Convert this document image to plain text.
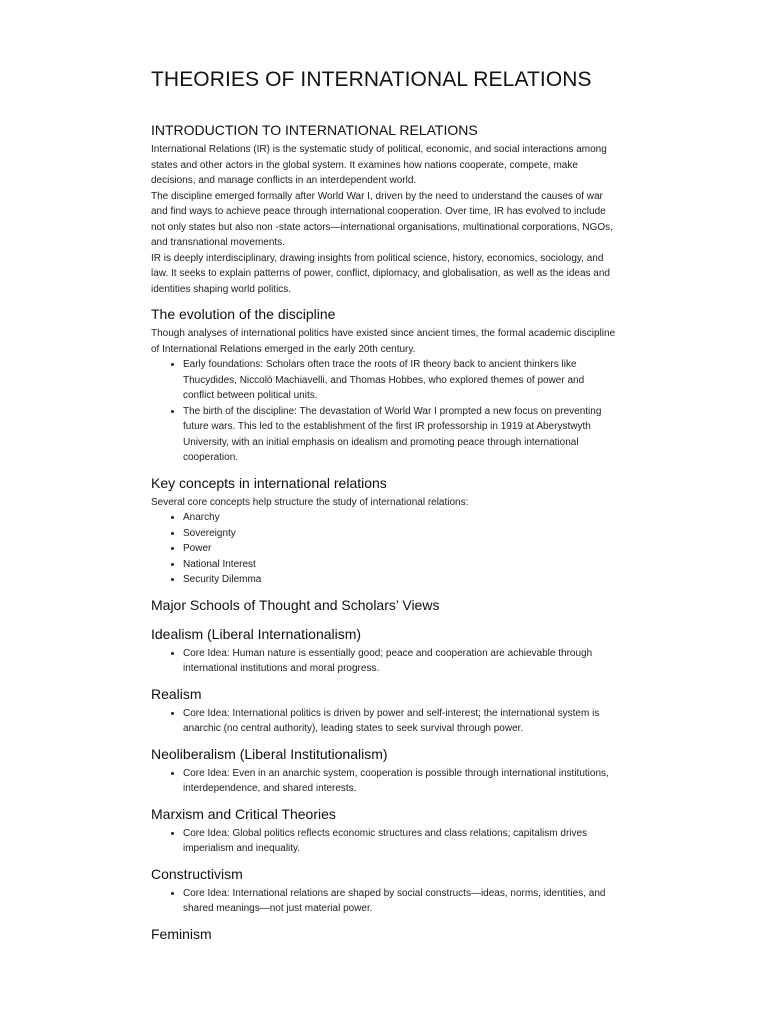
THEORIES OF INTERNATIONAL RELATIONS
INTRODUCTION TO INTERNATIONAL RELATIONS

International Relations (IR) is the systematic study of political, economic, and social interactions among states and other actors in the global system. It examines how nations cooperate, compete, make decisions, and manage conflicts in an interdependent world.

The discipline emerged formally after World War I, driven by the need to understand the causes of war and find ways to achieve peace through international cooperation. Over time, IR has evolved to include not only states but also non -state actors—international organisations, multinational corporations, NGOs, and transnational movements.

IR is deeply interdisciplinary, drawing insights from political science, history, economics, sociology, and law. It seeks to explain patterns of power, conflict, diplomacy, and globalisation, as well as the ideas and identities shaping world politics.

The evolution of the discipline

Though analyses of international politics have existed since ancient times, the formal academic discipline of International Relations emerged in the early 20th century.

• Early foundations: Scholars often trace the roots of IR theory back to ancient thinkers like Thucydides, Niccolò Machiavelli, and Thomas Hobbes, who explored themes of power and conflict between political units.
• The birth of the discipline: The devastation of World War I prompted a new focus on preventing future wars. This led to the establishment of the first IR professorship in 1919 at Aberystwyth University, with an initial emphasis on idealism and promoting peace through international cooperation.
Key concepts in international relations

Several core concepts help structure the study of international relations:

• Anarchy
• Sovereignty
• Power
• National Interest
• Security Dilemma
Major Schools of Thought and Scholars’ Views
Idealism (Liberal Internationalism)
• Core Idea: Human nature is essentially good; peace and cooperation are achievable through international institutions and moral progress.
Realism
• Core Idea: International politics is driven by power and self-interest; the international system is anarchic (no central authority), leading states to seek survival through power.
Neoliberalism (Liberal Institutionalism)
• Core Idea: Even in an anarchic system, cooperation is possible through international institutions, interdependence, and shared interests.
Marxism and Critical Theories
• Core Idea: Global politics reflects economic structures and class relations; capitalism drives imperialism and inequality.
Constructivism
• Core Idea: International relations are shaped by social constructs—ideas, norms, identities, and shared meanings—not just material power.
Feminism
